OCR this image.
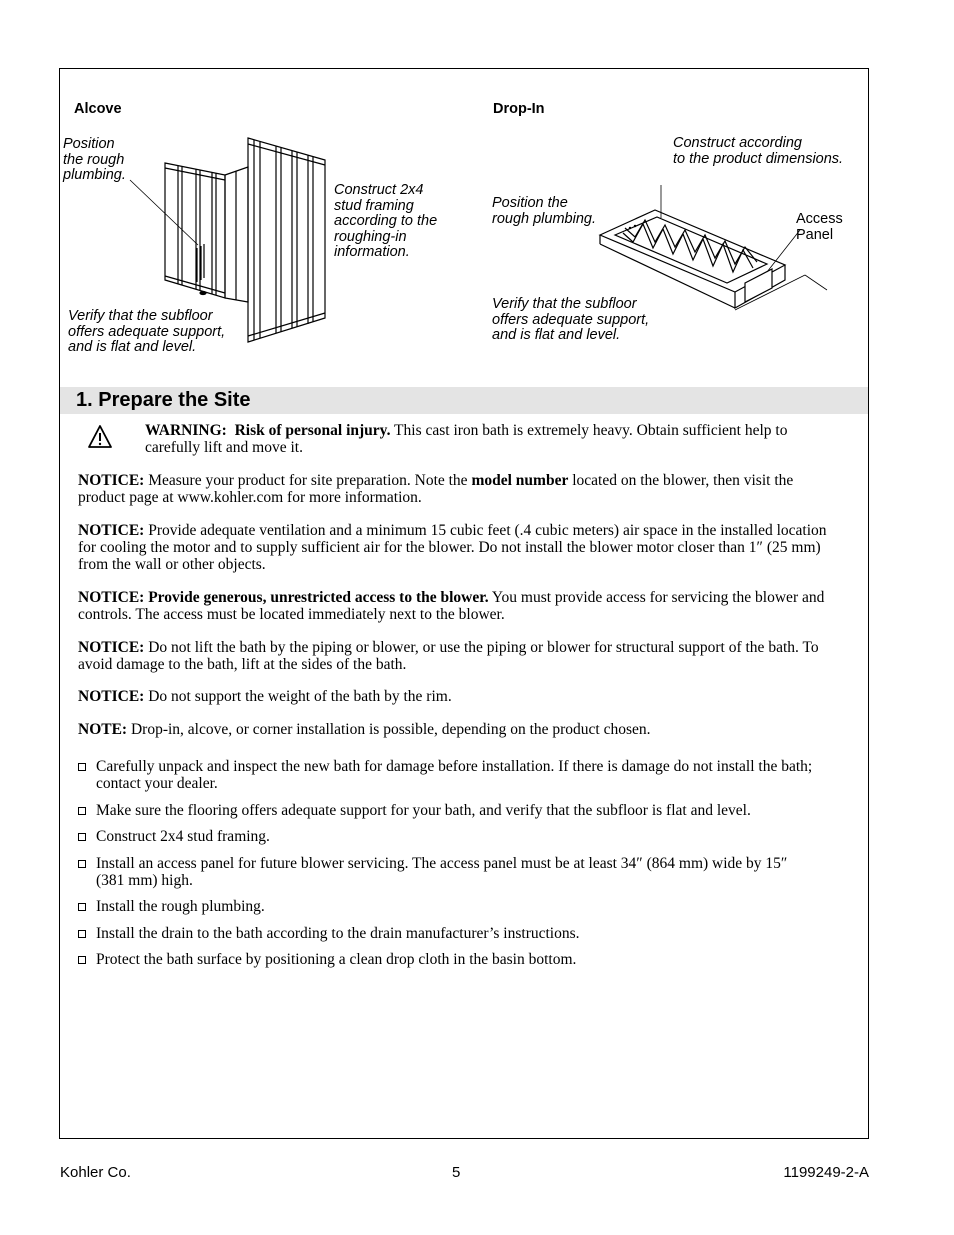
Alcove
Position
the rough
plumbing.
Construct 2x4
stud framing
according to the
roughing-in
information.
Verify that the subfloor
offers adequate support,
and is flat and level.
Drop-In
Construct according
to the product dimensions.
Position the
rough plumbing.	Access
Panel
Verify that the subfloor
offers adequate support,
and is flat and level.
1. Prepare the Site

WARNING: Risk of personal injury. This cast iron bath is extremely heavy. Obtain sufficient help to carefully lift and move it.

NOTICE: Measure your product for site preparation. Note the model number located on the blower, then visit the product page at www.kohler.com for more information.

NOTICE: Provide adequate ventilation and a minimum 15 cubic feet (.4 cubic meters) air space in the installed location for cooling the motor and to supply sufficient air for the blower. Do not install the blower motor closer than 1″ (25 mm) from the wall or other objects.

NOTICE: Provide generous, unrestricted access to the blower. You must provide access for servicing the blower and controls. The access must be located immediately next to the blower.

NOTICE: Do not lift the bath by the piping or blower, or use the piping or blower for structural support of the bath. To avoid damage to the bath, lift at the sides of the bath.

NOTICE: Do not support the weight of the bath by the rim.

NOTE: Drop-in, alcove, or corner installation is possible, depending on the product chosen.

Carefully unpack and inspect the new bath for damage before installation. If there is damage do not install the bath; contact your dealer.
Make sure the flooring offers adequate support for your bath, and verify that the subfloor is flat and level.
Construct 2x4 stud framing.
Install an access panel for future blower servicing. The access panel must be at least 34″ (864 mm) wide by 15″ (381 mm) high.
Install the rough plumbing.
Install the drain to the bath according to the drain manufacturer’s instructions.
Protect the bath surface by positioning a clean drop cloth in the basin bottom.
Kohler Co.	5	1199249-2-A
